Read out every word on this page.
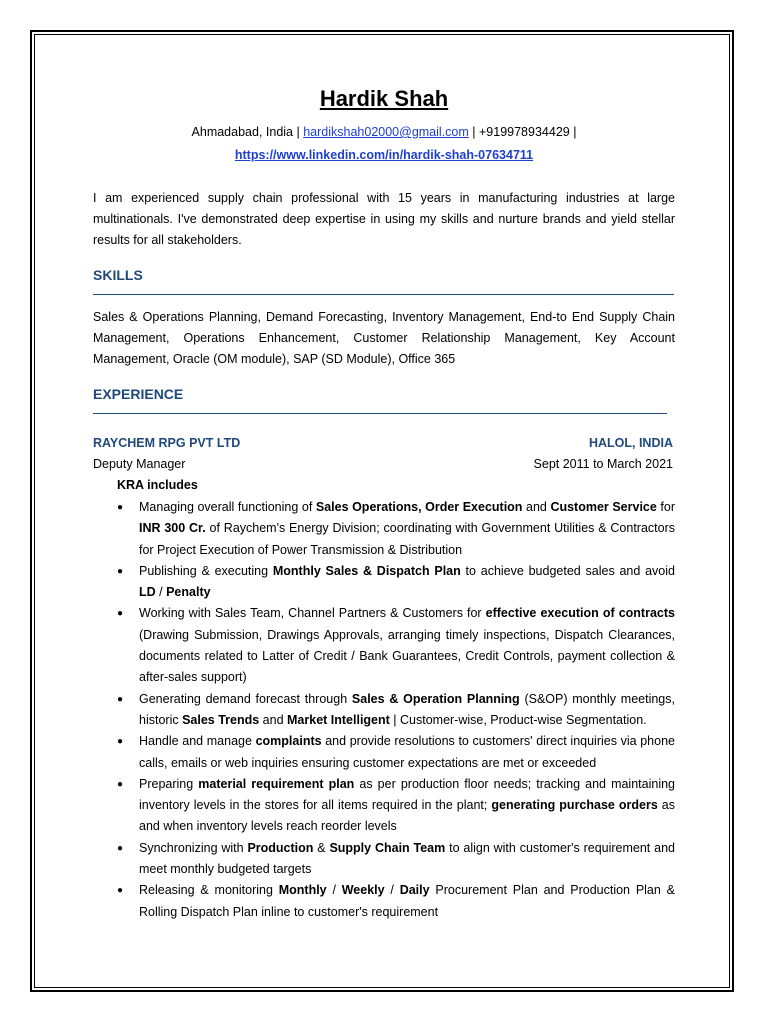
Hardik Shah
Ahmadabad, India | hardikshah02000@gmail.com | +919978934429 |
https://www.linkedin.com/in/hardik-shah-07634711
I am experienced supply chain professional with 15 years in manufacturing industries at large multinationals. I've demonstrated deep expertise in using my skills and nurture brands and yield stellar results for all stakeholders.
SKILLS
Sales & Operations Planning, Demand Forecasting, Inventory Management, End-to End Supply Chain Management, Operations Enhancement, Customer Relationship Management, Key Account Management, Oracle (OM module), SAP (SD Module), Office 365
EXPERIENCE
RAYCHEM RPG PVT LTD	HALOL, INDIA
Deputy Manager	Sept 2011 to March 2021
KRA includes
● Managing overall functioning of Sales Operations, Order Execution and Customer Service for INR 300 Cr. of Raychem's Energy Division; coordinating with Government Utilities & Contractors for Project Execution of Power Transmission & Distribution
● Publishing & executing Monthly Sales & Dispatch Plan to achieve budgeted sales and avoid LD / Penalty
● Working with Sales Team, Channel Partners & Customers for effective execution of contracts (Drawing Submission, Drawings Approvals, arranging timely inspections, Dispatch Clearances, documents related to Latter of Credit / Bank Guarantees, Credit Controls, payment collection & after-sales support)
● Generating demand forecast through Sales & Operation Planning (S&OP) monthly meetings, historic Sales Trends and Market Intelligent | Customer-wise, Product-wise Segmentation.
● Handle and manage complaints and provide resolutions to customers' direct inquiries via phone calls, emails or web inquiries ensuring customer expectations are met or exceeded
● Preparing material requirement plan as per production floor needs; tracking and maintaining inventory levels in the stores for all items required in the plant; generating purchase orders as and when inventory levels reach reorder levels
● Synchronizing with Production & Supply Chain Team to align with customer's requirement and meet monthly budgeted targets
● Releasing & monitoring Monthly / Weekly / Daily Procurement Plan and Production Plan & Rolling Dispatch Plan inline to customer's requirement
